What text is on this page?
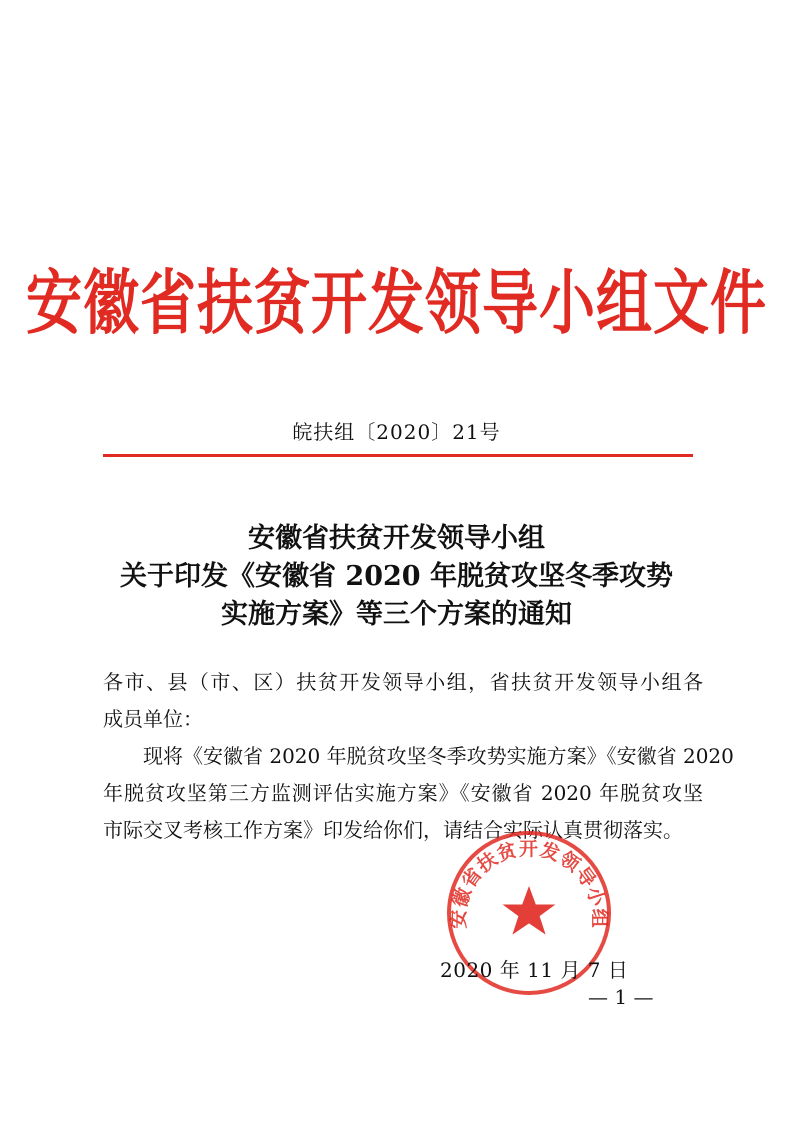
安徽省扶贫开发领导小组文件
皖扶组〔2020〕21号
安徽省扶贫开发领导小组
关于印发《安徽省 2020 年脱贫攻坚冬季攻势
实施方案》等三个方案的通知
各市、县（市、区）扶贫开发领导小组，省扶贫开发领导小组各
成员单位：
现将《安徽省 2020 年脱贫攻坚冬季攻势实施方案》《安徽省 2020
年脱贫攻坚第三方监测评估实施方案》《安徽省 2020 年脱贫攻坚
市际交叉考核工作方案》印发给你们，请结合实际认真贯彻落实。
安徽省扶贫开发领导小组
2020 年 11 月 7 日
— 1 —
